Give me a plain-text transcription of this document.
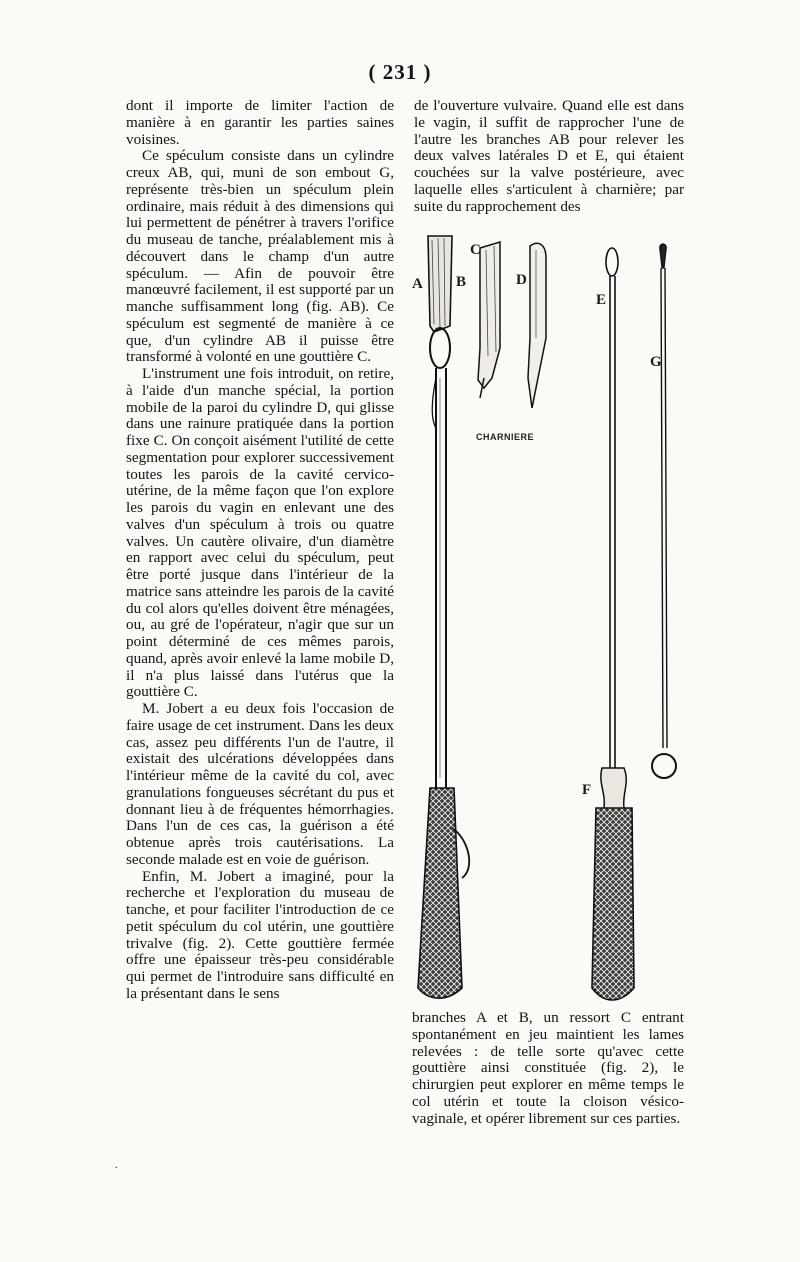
( 231 )

dont il importe de limiter l'action de manière à en garantir les parties saines voisines.

Ce spéculum consiste dans un cylindre creux AB, qui, muni de son embout G, représente très-bien un spéculum plein ordinaire, mais réduit à des dimensions qui lui permettent de pénétrer à travers l'orifice du museau de tanche, préalablement mis à découvert dans le champ d'un autre spéculum. — Afin de pouvoir être manœuvré facilement, il est supporté par un manche suffisamment long (fig. AB). Ce spéculum est segmenté de manière à ce que, d'un cylindre AB il puisse être transformé à volonté en une gouttière C.

L'instrument une fois introduit, on retire, à l'aide d'un manche spécial, la portion mobile de la paroi du cylindre D, qui glisse dans une rainure pratiquée dans la portion fixe C. On conçoit aisément l'utilité de cette segmentation pour explorer successivement toutes les parois de la cavité cervico-utérine, de la même façon que l'on explore les parois du vagin en enlevant une des valves d'un spéculum à trois ou quatre valves. Un cautère olivaire, d'un diamètre en rapport avec celui du spéculum, peut être porté jusque dans l'intérieur de la matrice sans atteindre les parois de la cavité du col alors qu'elles doivent être ménagées, ou, au gré de l'opérateur, n'agir que sur un point déterminé de ces mêmes parois, quand, après avoir enlevé la lame mobile D, il n'a plus laissé dans l'utérus que la gouttière C.

M. Jobert a eu deux fois l'occasion de faire usage de cet instrument. Dans les deux cas, assez peu différents l'un de l'autre, il existait des ulcérations développées dans l'intérieur même de la cavité du col, avec granulations fongueuses sécrétant du pus et donnant lieu à de fréquentes hémorrhagies. Dans l'un de ces cas, la guérison a été obtenue après trois cautérisations. La seconde malade est en voie de guérison.

Enfin, M. Jobert a imaginé, pour la recherche et l'exploration du museau de tanche, et pour faciliter l'introduction de ce petit spéculum du col utérin, une gouttière trivalve (fig. 2). Cette gouttière fermée offre une épaisseur très-peu considérable qui permet de l'introduire sans difficulté en la présentant dans le sens

de l'ouverture vulvaire. Quand elle est dans le vagin, il suffit de rapprocher l'une de l'autre les branches AB pour relever les deux valves latérales D et E, qui étaient couchées sur la valve postérieure, avec laquelle elles s'articulent à charnière; par suite du rapprochement des

A B
C
D
E
F
G
CHARNIERE

branches A et B, un ressort C entrant spontanément en jeu maintient les lames relevées : de telle sorte qu'avec cette gouttière ainsi constituée (fig. 2), le chirurgien peut explorer en même temps le col utérin et toute la cloison vésico-vaginale, et opérer librement sur ces parties.

.
